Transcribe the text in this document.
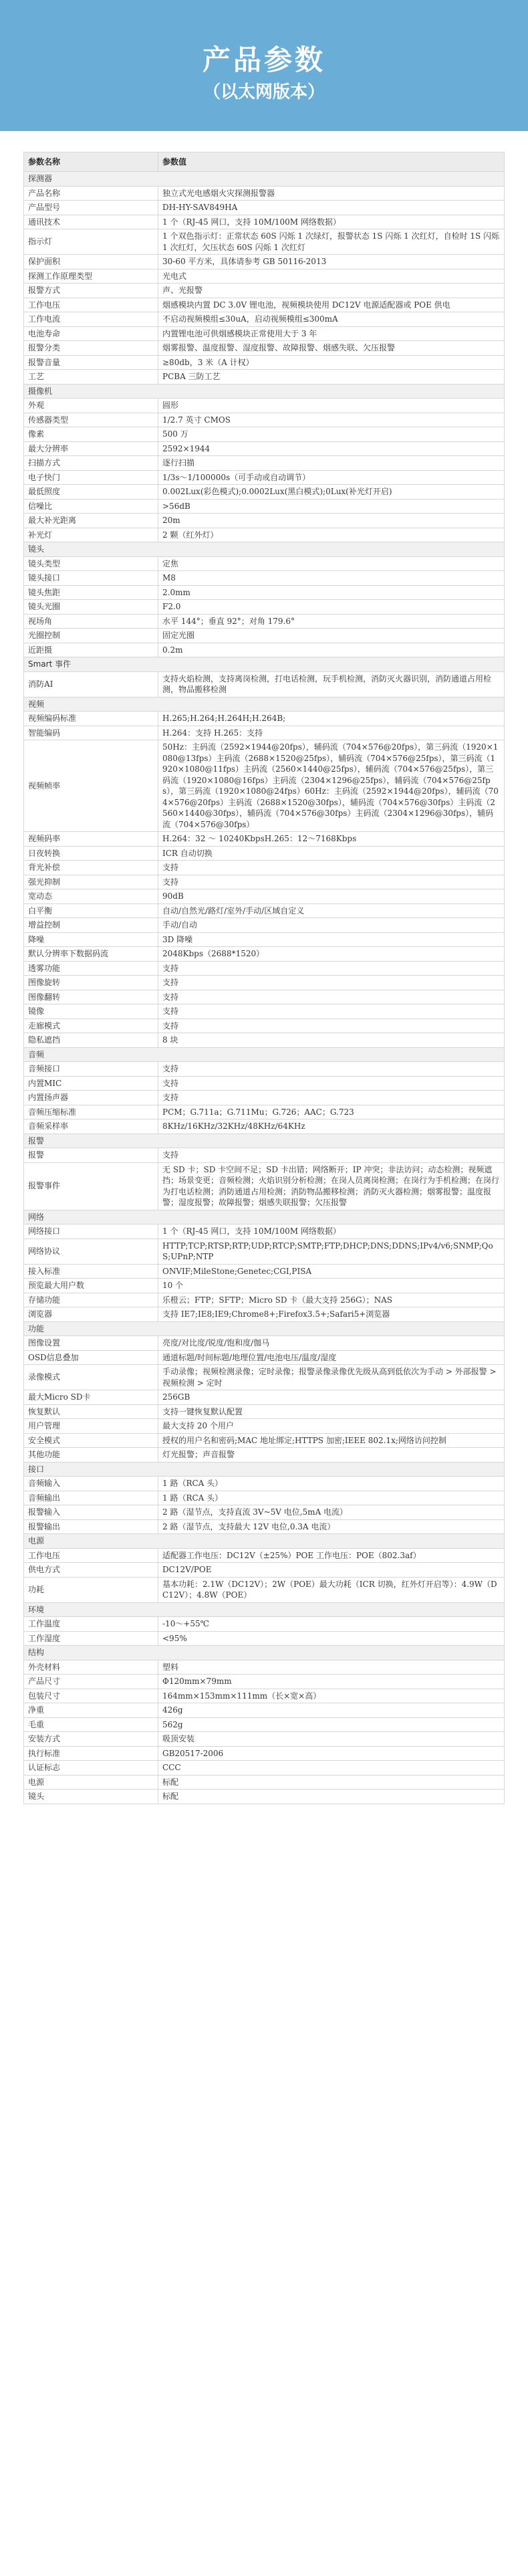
产品参数
（以太网版本）
参数名称	参数值
探测器	
产品名称	独立式光电感烟火灾探测报警器
产品型号	DH-HY-SAV849HA
通讯技术	1 个（RJ-45 网口，支持 10M/100M 网络数据）
指示灯	1 个双色指示灯：正常状态 60S 闪烁 1 次绿灯，报警状态 1S 闪烁 1 次红灯，自检时 1S 闪烁 1 次红灯，欠压状态 60S 闪烁 1 次红灯
保护面积	30-60 平方米，具体请参考 GB 50116-2013
探测工作原理类型	光电式
报警方式	声、光报警
工作电压	烟感模块内置 DC 3.0V 锂电池，视频模块使用 DC12V 电源适配器或 POE 供电
工作电流	不启动视频模组≤30uA，启动视频模组≤300mA
电池寿命	内置锂电池可供烟感模块正常使用大于 3 年
报警分类	烟雾报警、温度报警、湿度报警、故障报警、烟感失联、欠压报警
报警音量	≥80db，3 米（A 计权）
工艺	PCBA 三防工艺
摄像机	
外观	圆形
传感器类型	1/2.7 英寸 CMOS
像素	500 万
最大分辨率	2592×1944
扫描方式	逐行扫描
电子快门	1/3s～1/100000s（可手动或自动调节）
最低照度	0.002Lux(彩色模式);0.0002Lux(黑白模式);0Lux(补光灯开启)
信噪比	>56dB
最大补光距离	20m
补光灯	2 颗（红外灯）
镜头	
镜头类型	定焦
镜头接口	M8
镜头焦距	2.0mm
镜头光圈	F2.0
视场角	水平 144°；垂直 92°；对角 179.6°
光圈控制	固定光圈
近距摄	0.2m
Smart 事件	
消防AI	支持火焰检测，支持离岗检测，打电话检测，玩手机检测，消防灭火器识别，消防通道占用检测，物品搬移检测
视频	
视频编码标准	H.265;H.264;H.264H;H.264B;
智能编码	H.264：支持 H.265：支持
视频帧率	50Hz：主码流（2592×1944@20fps），辅码流（704×576@20fps），第三码流（1920×1080@13fps）主码流（2688×1520@25fps），辅码流（704×576@25fps），第三码流（1920×1080@11fps）主码流（2560×1440@25fps），辅码流（704×576@25fps），第三码流（1920×1080@16fps）主码流（2304×1296@25fps），辅码流（704×576@25fps），第三码流（1920×1080@24fps）60Hz：主码流（2592×1944@20fps），辅码流（704×576@20fps）主码流（2688×1520@30fps），辅码流（704×576@30fps）主码流（2560×1440@30fps），辅码流（704×576@30fps）主码流（2304×1296@30fps），辅码流（704×576@30fps）
视频码率	H.264：32 ～ 10240KbpsH.265：12～7168Kbps
日夜转换	ICR 自动切换
背光补偿	支持
强光抑制	支持
宽动态	90dB
白平衡	自动/自然光/路灯/室外/手动/区域自定义
增益控制	手动/自动
降噪	3D 降噪
默认分辨率下数据码流	2048Kbps（2688*1520）
透雾功能	支持
图像旋转	支持
图像翻转	支持
镜像	支持
走廊模式	支持
隐私遮挡	8 块
音频	
音频接口	支持
内置MIC	支持
内置扬声器	支持
音频压缩标准	PCM；G.711a；G.711Mu；G.726；AAC；G.723
音频采样率	8KHz/16KHz/32KHz/48KHz/64KHz
报警	
报警	支持
报警事件	无 SD 卡；SD 卡空间不足；SD 卡出错；网络断开；IP 冲突；非法访问；动态检测；视频遮挡；场景变更；音频检测；火焰识别分析检测；在岗人员离岗检测；在岗行为手机检测；在岗行为打电话检测；消防通道占用检测；消防物品搬移检测；消防灭火器检测；烟雾报警；温度报警；湿度报警；故障报警；烟感失联报警；欠压报警
网络	
网络接口	1 个（RJ-45 网口，支持 10M/100M 网络数据）
网络协议	HTTP;TCP;RTSP;RTP;UDP;RTCP;SMTP;FTP;DHCP;DNS;DDNS;IPv4/v6;SNMP;QoS;UPnP;NTP
接入标准	ONVIF;MileStone;Genetec;CGI,PISA
预览最大用户数	10 个
存储功能	乐橙云；FTP；SFTP；Micro SD 卡（最大支持 256G）；NAS
浏览器	支持 IE7;IE8;IE9;Chrome8+;Firefox3.5+;Safari5+浏览器
功能	
图像设置	亮度/对比度/锐度/饱和度/伽马
OSD信息叠加	通道标题/时间标题/地理位置/电池电压/温度/湿度
录像模式	手动录像；视频检测录像；定时录像；报警录像录像优先级从高到低依次为手动 > 外部报警 > 视频检测 > 定时
最大Micro SD卡	256GB
恢复默认	支持一键恢复默认配置
用户管理	最大支持 20 个用户
安全模式	授权的用户名和密码;MAC 地址绑定;HTTPS 加密;IEEE 802.1x;网络访问控制
其他功能	灯光报警；声音报警
接口	
音频输入	1 路（RCA 头）
音频输出	1 路（RCA 头）
报警输入	2 路（湿节点，支持直流 3V~5V 电位,5mA 电流）
报警输出	2 路（湿节点，支持最大 12V 电位,0.3A 电流）
电源	
工作电压	适配器工作电压：DC12V（±25%）POE 工作电压：POE（802.3af）
供电方式	DC12V/POE
功耗	基本功耗：2.1W（DC12V）；2W（POE）最大功耗（ICR 切换，红外灯开启等）：4.9W（DC12V）；4.8W（POE）
环境	
工作温度	-10～+55℃
工作湿度	<95%
结构	
外壳材料	塑料
产品尺寸	Φ120mm×79mm
包装尺寸	164mm×153mm×111mm（长×宽×高）
净重	426g
毛重	562g
安装方式	吸顶安装
执行标准	GB20517-2006
认证标志	CCC
电源	标配
镜头	标配
